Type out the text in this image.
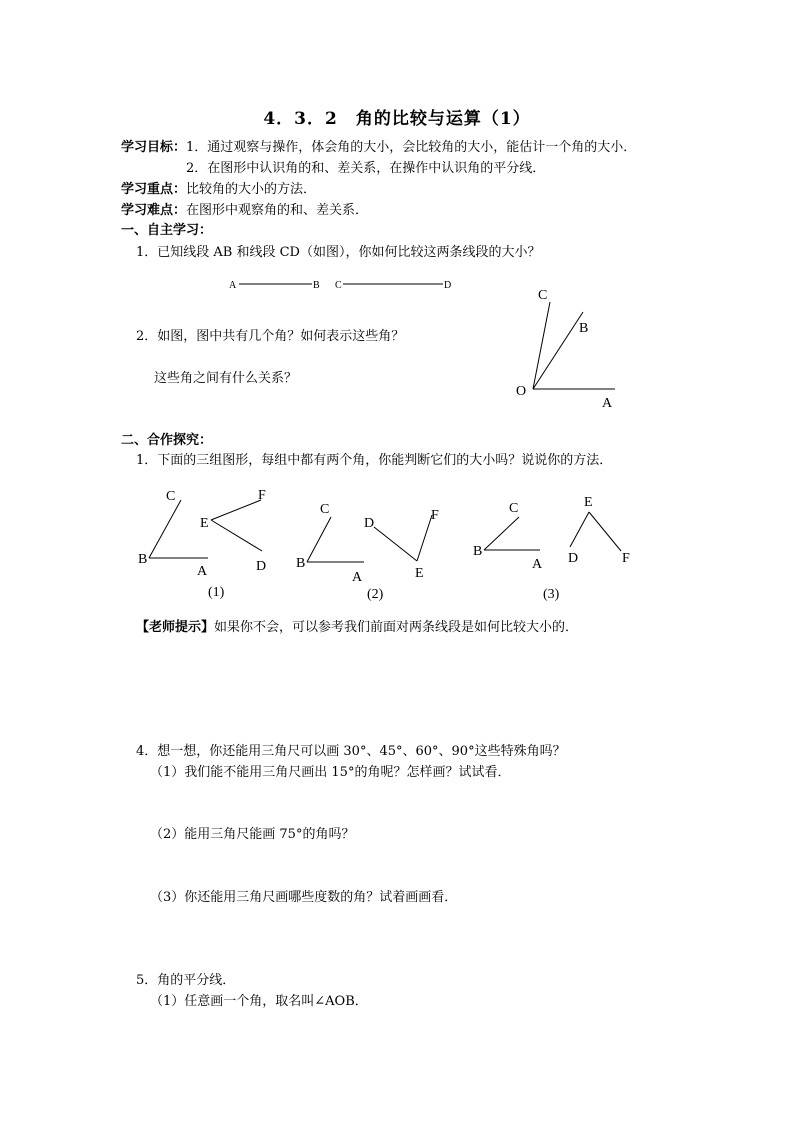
4．3．2　角的比较与运算（1）
学习目标：1．通过观察与操作，体会角的大小，会比较角的大小，能估计一个角的大小．
2．在图形中认识角的和、差关系，在操作中认识角的平分线．
学习重点：比较角的大小的方法．
学习难点：在图形中观察角的和、差关系．
一、自主学习：
1．已知线段 AB 和线段 CD（如图），你如何比较这两条线段的大小？
2．如图，图中共有几个角？如何表示这些角？
这些角之间有什么关系？
二、合作探究：
1．下面的三组图形，每组中都有两个角，你能判断它们的大小吗？说说你的方法．
【老师提示】如果你不会，可以参考我们前面对两条线段是如何比较大小的．
4．想一想，你还能用三角尺可以画 30°、45°、60°、90°这些特殊角吗？
（1）我们能不能用三角尺画出 15°的角呢？怎样画？试试看．
（2）能用三角尺能画 75°的角吗？
（3）你还能用三角尺画哪些度数的角？试着画画看．
5．角的平分线．
（1）任意画一个角，取名叫∠AOB．
A	B C	D
C
B
O
A
C
B
A
E
F
D
(1)
C
B
A
D
E
F
(2)
C
B
A
E
D	F
(3)
